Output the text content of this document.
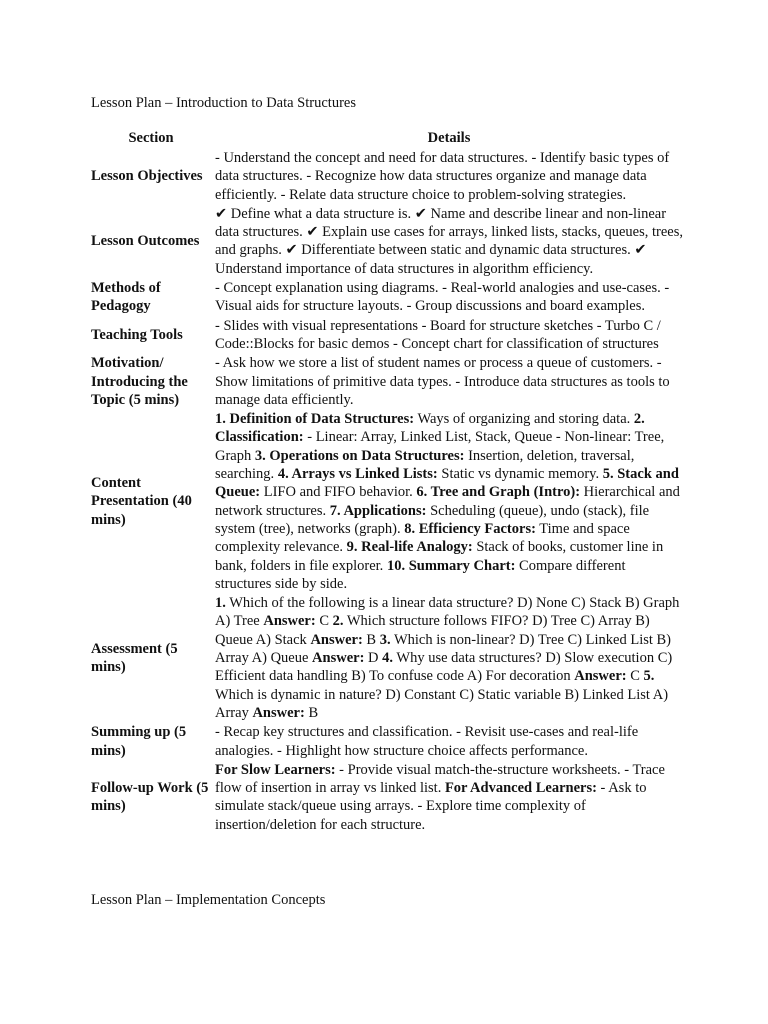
Lesson Plan – Introduction to Data Structures
Section	Details
Lesson Objectives	- Understand the concept and need for data structures. - Identify basic types of data structures. - Recognize how data structures organize and manage data efficiently. - Relate data structure choice to problem-solving strategies.
Lesson Outcomes	✔ Define what a data structure is. ✔ Name and describe linear and non-linear data structures. ✔ Explain use cases for arrays, linked lists, stacks, queues, trees, and graphs. ✔ Differentiate between static and dynamic data structures. ✔ Understand importance of data structures in algorithm efficiency.
Methods of Pedagogy	- Concept explanation using diagrams. - Real-world analogies and use-cases. - Visual aids for structure layouts. - Group discussions and board examples.
Teaching Tools	- Slides with visual representations - Board for structure sketches - Turbo C / Code::Blocks for basic demos - Concept chart for classification of structures
Motivation/ Introducing the Topic (5 mins)	- Ask how we store a list of student names or process a queue of customers. - Show limitations of primitive data types. - Introduce data structures as tools to manage data efficiently.
Content Presentation (40 mins)	1. Definition of Data Structures: Ways of organizing and storing data. 2. Classification: - Linear: Array, Linked List, Stack, Queue - Non-linear: Tree, Graph 3. Operations on Data Structures: Insertion, deletion, traversal, searching. 4. Arrays vs Linked Lists: Static vs dynamic memory. 5. Stack and Queue: LIFO and FIFO behavior. 6. Tree and Graph (Intro): Hierarchical and network structures. 7. Applications: Scheduling (queue), undo (stack), file system (tree), networks (graph). 8. Efficiency Factors: Time and space complexity relevance. 9. Real-life Analogy: Stack of books, customer line in bank, folders in file explorer. 10. Summary Chart: Compare different structures side by side.
Assessment (5 mins)	1. Which of the following is a linear data structure? D) None C) Stack B) Graph A) Tree Answer: C 2. Which structure follows FIFO? D) Tree C) Array B) Queue A) Stack Answer: B 3. Which is non-linear? D) Tree C) Linked List B) Array A) Queue Answer: D 4. Why use data structures? D) Slow execution C) Efficient data handling B) To confuse code A) For decoration Answer: C 5. Which is dynamic in nature? D) Constant C) Static variable B) Linked List A) Array Answer: B
Summing up (5 mins)	- Recap key structures and classification. - Revisit use-cases and real-life analogies. - Highlight how structure choice affects performance.
Follow-up Work (5 mins)	For Slow Learners: - Provide visual match-the-structure worksheets. - Trace flow of insertion in array vs linked list. For Advanced Learners: - Ask to simulate stack/queue using arrays. - Explore time complexity of insertion/deletion for each structure.
Lesson Plan – Implementation Concepts
